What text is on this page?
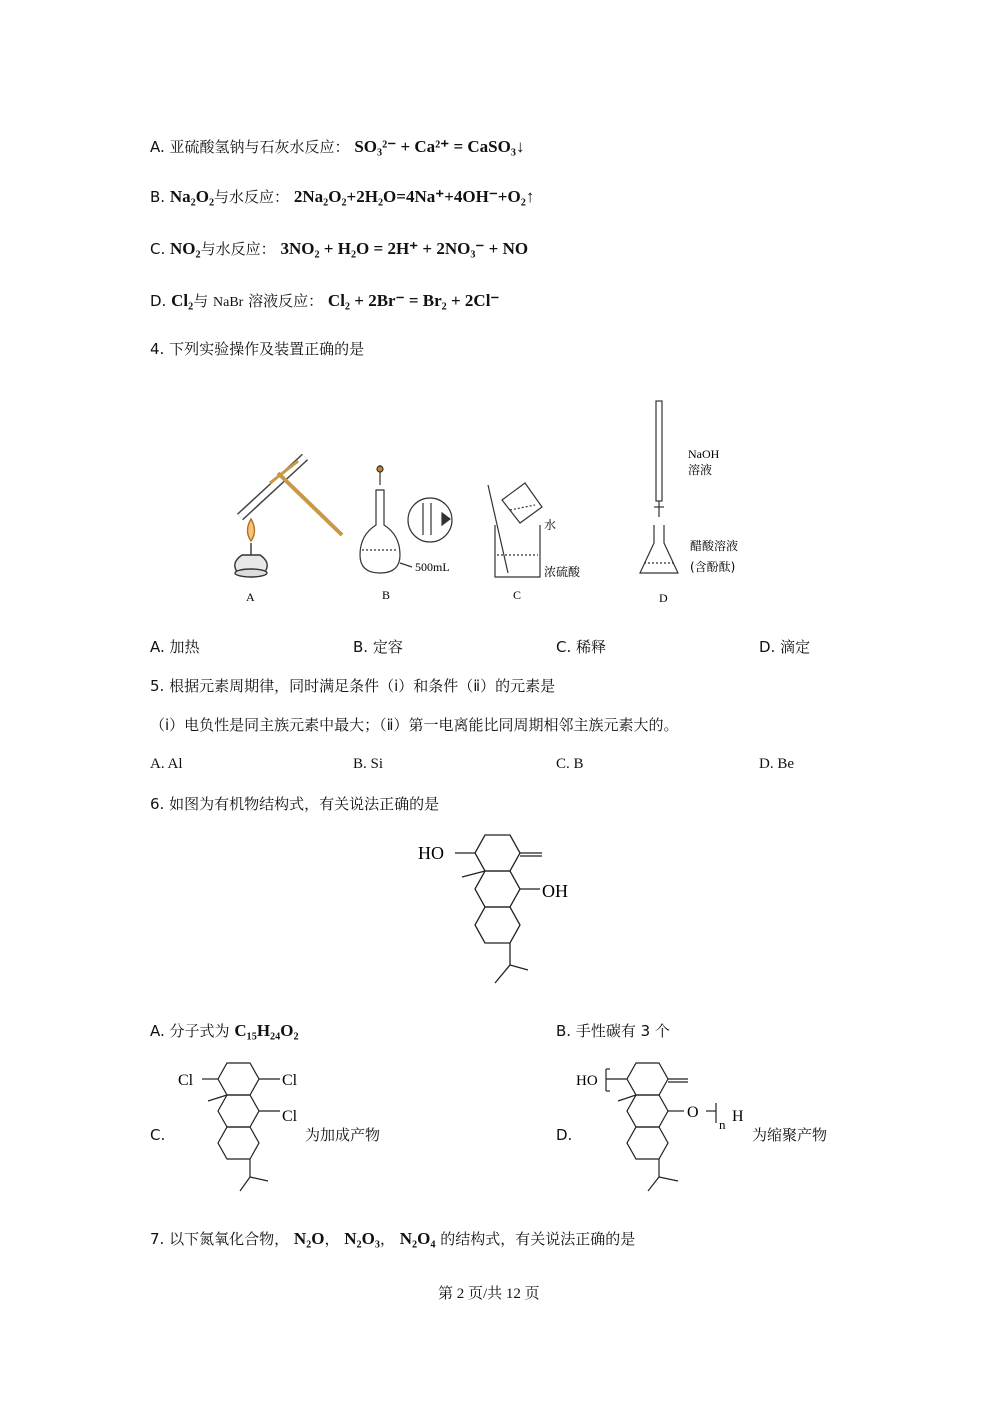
A. 亚硫酸氢钠与石灰水反应： SO₃²⁻ + Ca²⁺ = CaSO₃↓
B. Na₂O₂与水反应： 2Na₂O₂+2H₂O=4Na⁺+4OH⁻+O₂↑
C. NO₂与水反应： 3NO₂ + H₂O = 2H⁺ + 2NO₃⁻ + NO
D. Cl₂与 NaBr 溶液反应： Cl₂ + 2Br⁻ = Br₂ + 2Cl⁻
4. 下列实验操作及装置正确的是
A
500mL
B
水
浓硫酸
C
NaOH
溶液
醋酸溶液
(含酚酞)
D
A. 加热	B. 定容	C. 稀释	D. 滴定
5. 根据元素周期律，同时满足条件（ⅰ）和条件（ⅱ）的元素是
（ⅰ）电负性是同主族元素中最大；（ⅱ）第一电离能比同周期相邻主族元素大的。
A. Al	B. Si	C. B	D. Be
6. 如图为有机物结构式，有关说法正确的是
HO
OH
A. 分子式为 C₁₅H₂₄O₂	B. 手性碳有 3 个
C.
Cl	Cl
Cl
为加成产物	D.
HO
O
n H
为缩聚产物
7. 以下氮氧化合物， N₂O， N₂O₃， N₂O₄ 的结构式，有关说法正确的是
第 2 页/共 12 页
